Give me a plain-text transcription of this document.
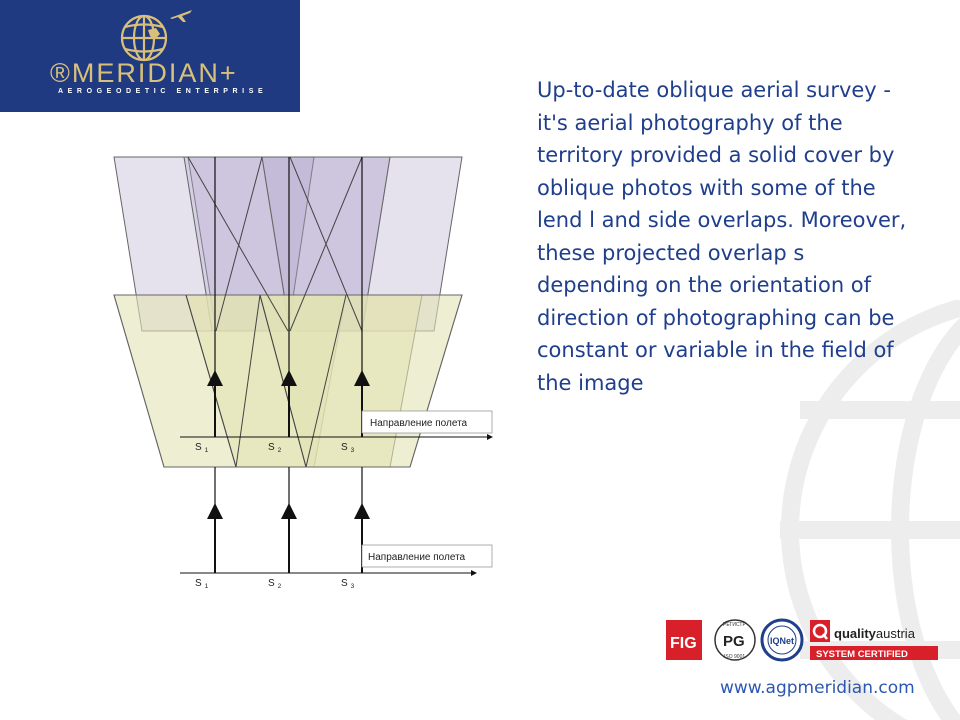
®MERIDIAN+
AEROGEODETIC ENTERPRISE
Направление полета
S $_1$	S $_2$	S $_3$
Направление полета
S $_1$	S $_2$	S $_3$

Up-to-date oblique aerial survey - it's aerial photography of the territory provided a solid cover by oblique photos with some of the lend l and side overlaps. Moreover, these projected overlap s depending on the orientation of direction of photographing can be constant or variable in the field of the image

FIG
РЕГИСТР
PG
ISO 9001
IQNet	qualityaustria
SYSTEM CERTIFIED
www.agpmeridian.com
